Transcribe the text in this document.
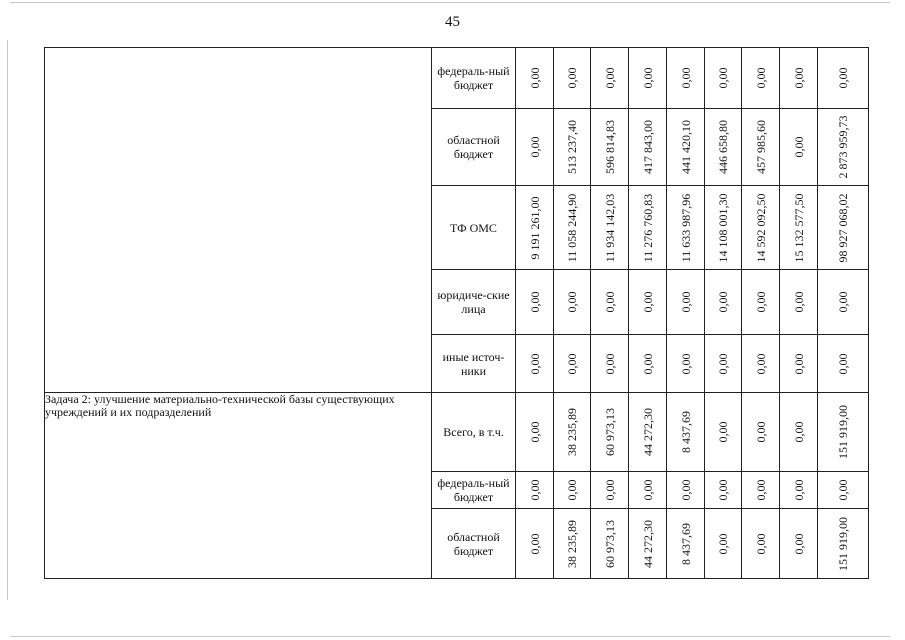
45
	федераль-ный бюджет	0,00	0,00	0,00	0,00	0,00	0,00	0,00	0,00	0,00

	областной бюджет	0,00	513 237,40	596 814,83	417 843,00	441 420,10	446 658,80	457 985,60	0,00	2 873 959,73

	ТФ ОМС	9 191 261,00	11 058 244,90	11 934 142,03	11 276 760,83	11 633 987,96	14 108 001,30	14 592 092,50	15 132 577,50	98 927 068,02

	юридиче-ские лица	0,00	0,00	0,00	0,00	0,00	0,00	0,00	0,00	0,00

	иные источ-ники	0,00	0,00	0,00	0,00	0,00	0,00	0,00	0,00	0,00

Задача 2: улучшение материально-технической базы существующих учреждений и их подразделений	Всего, в т.ч.	0,00	38 235,89	60 973,13	44 272,30	8 437,69	0,00	0,00	0,00	151 919,00

	федераль-ный бюджет	0,00	0,00	0,00	0,00	0,00	0,00	0,00	0,00	0,00

	областной бюджет	0,00	38 235,89	60 973,13	44 272,30	8 437,69	0,00	0,00	0,00	151 919,00
